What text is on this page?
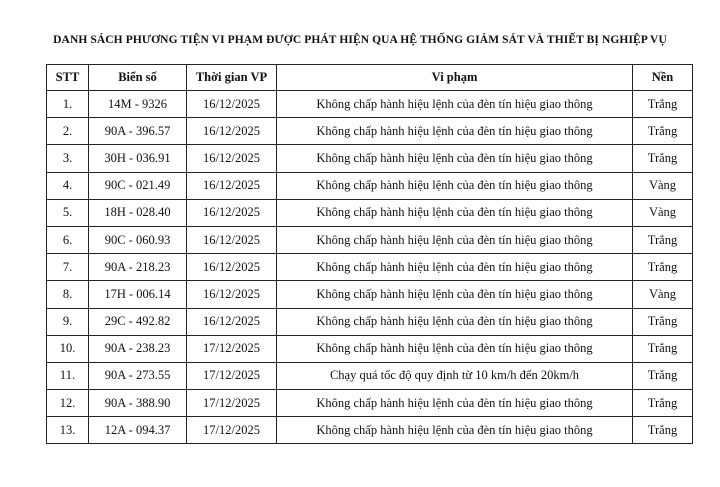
DANH SÁCH PHƯƠNG TIỆN VI PHẠM ĐƯỢC PHÁT HIỆN QUA HỆ THỐNG GIÁM SÁT VÀ THIẾT BỊ NGHIỆP VỤ
STT	Biển số	Thời gian VP	Vi phạm	Nền
1.	14M - 9326	16/12/2025	Không chấp hành hiệu lệnh của đèn tín hiệu giao thông	Trắng
2.	90A - 396.57	16/12/2025	Không chấp hành hiệu lệnh của đèn tín hiệu giao thông	Trắng
3.	30H - 036.91	16/12/2025	Không chấp hành hiệu lệnh của đèn tín hiệu giao thông	Trắng
4.	90C - 021.49	16/12/2025	Không chấp hành hiệu lệnh của đèn tín hiệu giao thông	Vàng
5.	18H - 028.40	16/12/2025	Không chấp hành hiệu lệnh của đèn tín hiệu giao thông	Vàng
6.	90C - 060.93	16/12/2025	Không chấp hành hiệu lệnh của đèn tín hiệu giao thông	Trắng
7.	90A - 218.23	16/12/2025	Không chấp hành hiệu lệnh của đèn tín hiệu giao thông	Trắng
8.	17H - 006.14	16/12/2025	Không chấp hành hiệu lệnh của đèn tín hiệu giao thông	Vàng
9.	29C - 492.82	16/12/2025	Không chấp hành hiệu lệnh của đèn tín hiệu giao thông	Trắng
10.	90A - 238.23	17/12/2025	Không chấp hành hiệu lệnh của đèn tín hiệu giao thông	Trắng
11.	90A - 273.55	17/12/2025	Chạy quá tốc độ quy định từ 10 km/h đến 20km/h	Trắng
12.	90A - 388.90	17/12/2025	Không chấp hành hiệu lệnh của đèn tín hiệu giao thông	Trắng
13.	12A - 094.37	17/12/2025	Không chấp hành hiệu lệnh của đèn tín hiệu giao thông	Trắng
